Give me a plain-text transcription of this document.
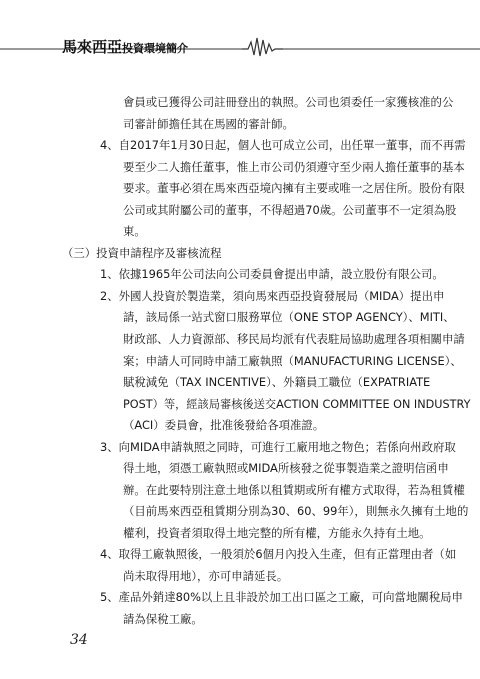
馬來西亞投資環境簡介
會員或已獲得公司註冊登出的執照。公司也須委任一家獲核准的公
司審計師擔任其在馬國的審計師。
4、自2017年1月30日起，個人也可成立公司，出任單一董事，而不再需
要至少二人擔任董事，惟上市公司仍須遵守至少兩人擔任董事的基本
要求。董事必須在馬來西亞境內擁有主要或唯一之居住所。股份有限
公司或其附屬公司的董事，不得超過70歲。公司董事不一定須為股
東。
（三）投資申請程序及審核流程
1、依據1965年公司法向公司委員會提出申請，設立股份有限公司。
2、外國人投資於製造業，須向馬來西亞投資發展局（MIDA）提出申
請，該局係一站式窗口服務單位（ONE STOP AGENCY）、MITI、
財政部、人力資源部、移民局均派有代表駐局協助處理各項相關申請
案；申請人可同時申請工廠執照（MANUFACTURING LICENSE）、
賦稅減免（TAX INCENTIVE）、外籍員工職位（EXPATRIATE
POST）等，經該局審核後送交ACTION COMMITTEE ON INDUSTRY
（ACI）委員會，批准後發給各項准證。
3、向MIDA申請執照之同時，可進行工廠用地之物色；若係向州政府取
得土地，須憑工廠執照或MIDA所核發之從事製造業之證明信函申
辦。在此要特別注意土地係以租賃期或所有權方式取得，若為租賃權
（目前馬來西亞租賃期分別為30、60、99年），則無永久擁有土地的
權利，投資者須取得土地完整的所有權，方能永久持有土地。
4、取得工廠執照後，一般須於6個月內投入生產，但有正當理由者（如
尚未取得用地），亦可申請延長。
5、產品外銷達80%以上且非設於加工出口區之工廠，可向當地關稅局申
請為保稅工廠。
34
